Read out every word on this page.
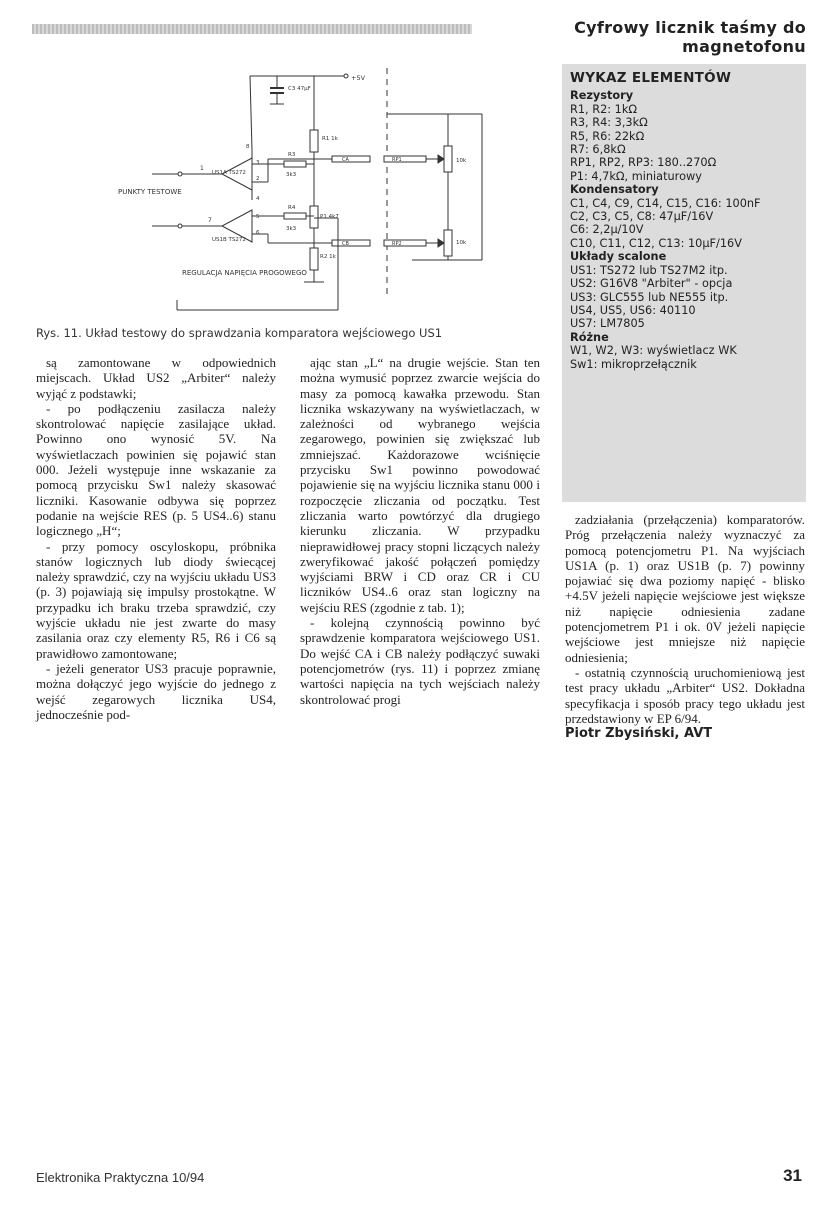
Cyfrowy licznik taśmy do magnetofonu
+5V
C3 47µF
R1 1k
P1 4k7
R2 1k
US1A TS272
8
4
1
3
2
R3
3k3
CA	RP1	10k
10k
US1B TS272
7	5
6
R4
3k3
CB	RP2
PUNKTY TESTOWE
REGULACJA NAPIĘCIA PROGOWEGO
Rys. 11. Układ testowy do sprawdzania komparatora wejściowego US1

są zamontowane w odpowiednich miejscach. Układ US2 „Arbiter“ należy wyjąć z podstawki;

- po podłączeniu zasilacza należy skontrolować napięcie zasilające układ. Powinno ono wynosić 5V. Na wyświetlaczach powinien się pojawić stan 000. Jeżeli występuje inne wskazanie za pomocą przycisku Sw1 należy skasować liczniki. Kasowanie odbywa się poprzez podanie na wejście RES (p. 5 US4..6) stanu logicznego „H“;

- przy pomocy oscyloskopu, próbnika stanów logicznych lub diody świecącej należy sprawdzić, czy na wyjściu układu US3 (p. 3) pojawiają się impulsy prostokątne. W przypadku ich braku trzeba sprawdzić, czy wyjście układu nie jest zwarte do masy zasilania oraz czy elementy R5, R6 i C6 są prawidłowo zamontowane;

- jeżeli generator US3 pracuje poprawnie, można dołączyć jego wyjście do jednego z wejść zegarowych licznika US4, jednocześnie pod-

ając stan „L“ na drugie wejście. Stan ten można wymusić poprzez zwarcie wejścia do masy za pomocą kawałka przewodu. Stan licznika wskazywany na wyświetlaczach, w zależności od wybranego wejścia zegarowego, powinien się zwiększać lub zmniejszać. Każdorazowe wciśnięcie przycisku Sw1 powinno powodować pojawienie się na wyjściu licznika stanu 000 i rozpoczęcie zliczania od początku. Test zliczania warto powtórzyć dla drugiego kierunku zliczania. W przypadku nieprawidłowej pracy stopni liczących należy zweryfikować jakość połączeń pomiędzy wyjściami BRW i CD oraz CR i CU liczników US4..6 oraz stan logiczny na wejściu RES (zgodnie z tab. 1);

- kolejną czynnością powinno być sprawdzenie komparatora wejściowego US1. Do wejść CA i CB należy podłączyć suwaki potencjometrów (rys. 11) i poprzez zmianę wartości napięcia na tych wejściach należy skontrolować progi

zadziałania (przełączenia) komparatorów. Próg przełączenia należy wyznaczyć za pomocą potencjometru P1. Na wyjściach US1A (p. 1) oraz US1B (p. 7) powinny pojawiać się dwa poziomy napięć - blisko +4.5V jeżeli napięcie wejściowe jest większe niż napięcie odniesienia zadane potencjometrem P1 i ok. 0V jeżeli napięcie wejściowe jest mniejsze niż napięcie odniesienia;

- ostatnią czynnością uruchomieniową jest test pracy układu „Arbiter“ US2. Dokładna specyfikacja i sposób pracy tego układu jest przedstawiony w EP 6/94.

Piotr Zbysiński, AVT

WYKAZ ELEMENTÓW
Rezystory
R1, R2: 1kΩ
R3, R4: 3,3kΩ
R5, R6: 22kΩ
R7: 6,8kΩ
RP1, RP2, RP3: 180..270Ω
P1: 4,7kΩ, miniaturowy
Kondensatory
C1, C4, C9, C14, C15, C16: 100nF
C2, C3, C5, C8: 47µF/16V
C6: 2,2µ/10V
C10, C11, C12, C13: 10µF/16V
Układy scalone
US1: TS272 lub TS27M2 itp.
US2: G16V8 "Arbiter" - opcja
US3: GLC555 lub NE555 itp.
US4, US5, US6: 40110
US7: LM7805
Różne
W1, W2, W3: wyświetlacz WK
Sw1: mikroprzełącznik
Elektronika Praktyczna 10/94	31
